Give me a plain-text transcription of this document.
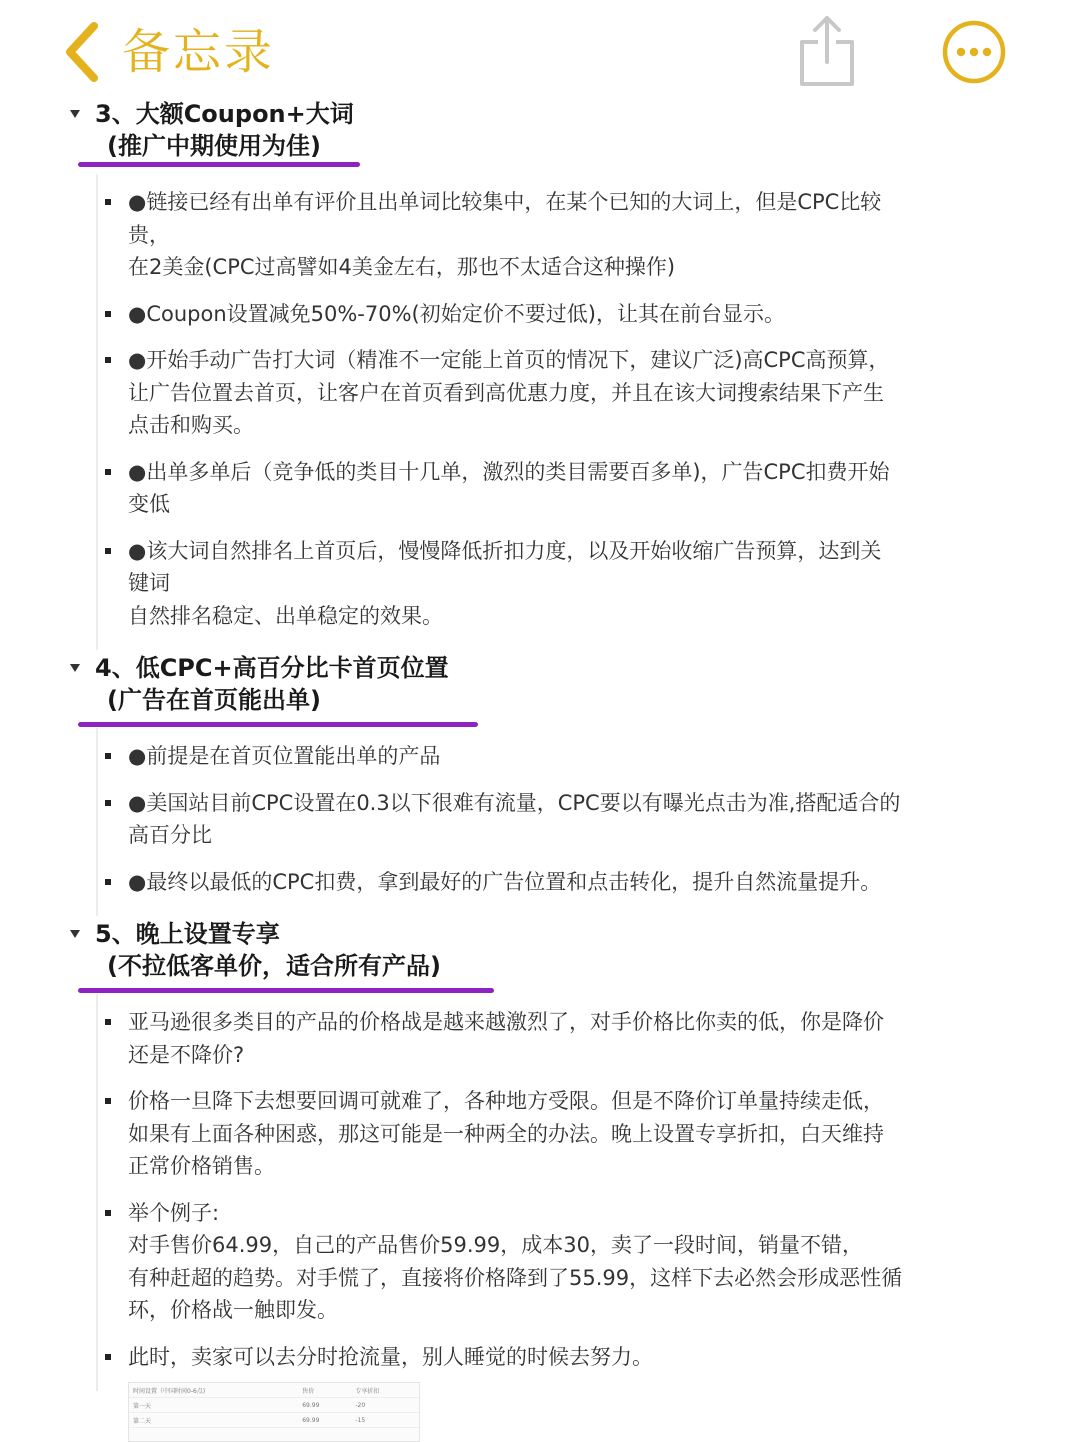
备忘录
3、大额Coupon+大词
(推广中期使用为佳)
●链接已经有出单有评价且出单词比较集中，在某个已知的大词上，但是CPC比较
贵，
在2美金(CPC过高譬如4美金左右，那也不太适合这种操作)
●Coupon设置减免50%-70%(初始定价不要过低)，让其在前台显示。
●开始手动广告打大词（精准不一定能上首页的情况下，建议广泛)高CPC高预算，
让广告位置去首页，让客户在首页看到高优惠力度，并且在该大词搜索结果下产生
点击和购买。
●出单多单后（竞争低的类目十几单，激烈的类目需要百多单)，广告CPC扣费开始
变低
●该大词自然排名上首页后，慢慢降低折扣力度，以及开始收缩广告预算，达到关
键词
自然排名稳定、出单稳定的效果。
4、低CPC+高百分比卡首页位置
(广告在首页能出单)
●前提是在首页位置能出单的产品
●美国站目前CPC设置在0.3以下很难有流量，CPC要以有曝光点击为准,搭配适合的
高百分比
●最终以最低的CPC扣费，拿到最好的广告位置和点击转化，提升自然流量提升。
5、晚上设置专享
(不拉低客单价，适合所有产品)
亚马逊很多类目的产品的价格战是越来越激烈了，对手价格比你卖的低，你是降价
还是不降价?
价格一旦降下去想要回调可就难了，各种地方受限。但是不降价订单量持续走低，
如果有上面各种困惑，那这可能是一种两全的办法。晚上设置专享折扣，白天维持
正常价格销售。
举个例子:
对手售价64.99，自己的产品售价59.99，成本30，卖了一段时间，销量不错，
有种赶超的趋势。对手慌了，直接将价格降到了55.99，这样下去必然会形成恶性循
环，价格战一触即发。
此时，卖家可以去分时抢流量，别人睡觉的时候去努力。
时间设置（中国时间0-6点)	售价	专享折扣
第一天	69.99	-20
第二天	69.99	-15
